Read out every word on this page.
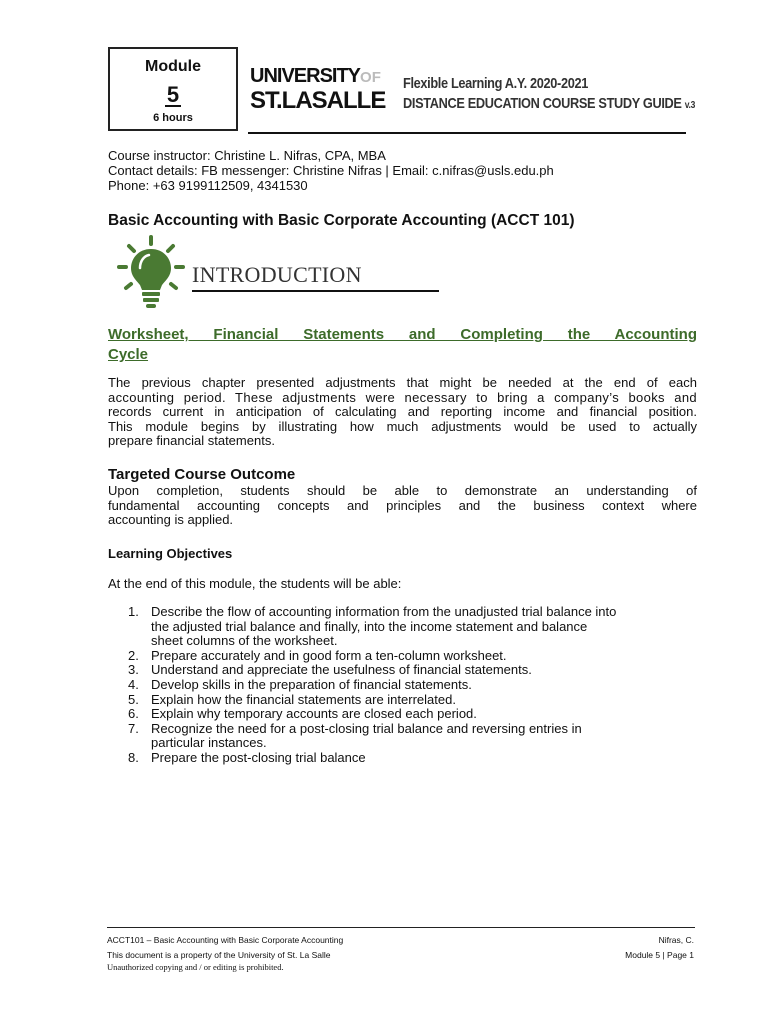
Module
5
6 hours
UNIVERSITYOF
ST.LASALLE
Flexible Learning A.Y. 2020-2021
DISTANCE EDUCATION COURSE STUDY GUIDE v.3
Course instructor: Christine L. Nifras, CPA, MBA
Contact details: FB messenger: Christine Nifras | Email: c.nifras@usls.edu.ph
Phone: +63 9199112509, 4341530
Basic Accounting with Basic Corporate Accounting (ACCT 101)
INTRODUCTION
Worksheet, Financial Statements and Completing the Accounting
Cycle
The previous chapter presented adjustments that might be needed at the end of each
accounting period. These adjustments were necessary to bring a company’s books and
records current in anticipation of calculating and reporting income and financial position.
This module begins by illustrating how much adjustments would be used to actually
prepare financial statements.
Targeted Course Outcome
Upon completion, students should be able to demonstrate an understanding of
fundamental accounting concepts and principles and the business context where
accounting is applied.
Learning Objectives
At the end of this module, the students will be able:
1. Describe the flow of accounting information from the unadjusted trial balance into
the adjusted trial balance and finally, into the income statement and balance
sheet columns of the worksheet.
2. Prepare accurately and in good form a ten-column worksheet.
3. Understand and appreciate the usefulness of financial statements.
4. Develop skills in the preparation of financial statements.
5. Explain how the financial statements are interrelated.
6. Explain why temporary accounts are closed each period.
7. Recognize the need for a post-closing trial balance and reversing entries in
particular instances.
8. Prepare the post-closing trial balance
ACCT101 – Basic Accounting with Basic Corporate Accounting
This document is a property of the University of St. La Salle
Unauthorized copying and / or editing is prohibited.
Nifras, C.
Module 5 | Page 1
